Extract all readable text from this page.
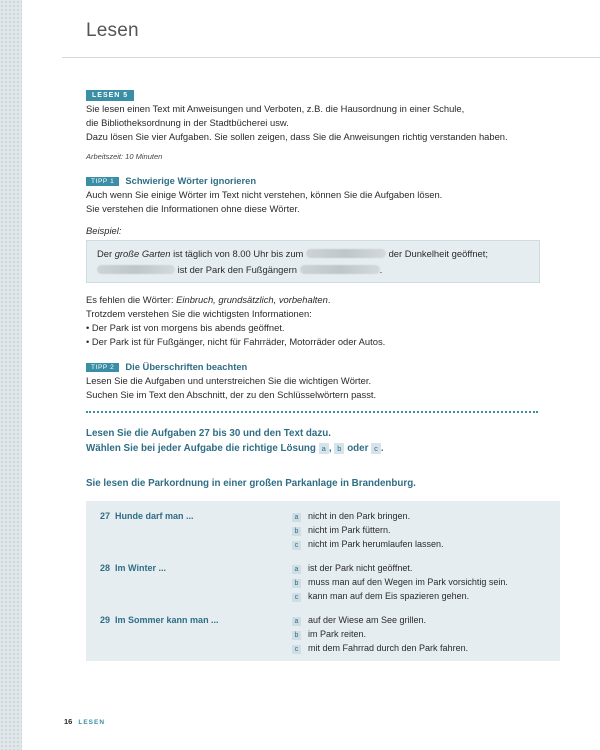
Lesen
LESEN 5
Sie lesen einen Text mit Anweisungen und Verboten, z.B. die Hausordnung in einer Schule,
die Bibliotheksordnung in der Stadtbücherei usw.
Dazu lösen Sie vier Aufgaben. Sie sollen zeigen, dass Sie die Anweisungen richtig verstanden haben.
Arbeitszeit: 10 Minuten
TIPP 1 Schwierige Wörter ignorieren
Auch wenn Sie einige Wörter im Text nicht verstehen, können Sie die Aufgaben lösen.
Sie verstehen die Informationen ohne diese Wörter.
Beispiel:
Der große Garten ist täglich von 8.00 Uhr bis zum	der Dunkelheit geöffnet;
ist der Park den Fußgängern	.
Es fehlen die Wörter: Einbruch, grundsätzlich, vorbehalten.
Trotzdem verstehen Sie die wichtigsten Informationen:
• Der Park ist von morgens bis abends geöffnet.
• Der Park ist für Fußgänger, nicht für Fahrräder, Motorräder oder Autos.
TIPP 2 Die Überschriften beachten
Lesen Sie die Aufgaben und unterstreichen Sie die wichtigen Wörter.
Suchen Sie im Text den Abschnitt, der zu den Schlüsselwörtern passt.
Lesen Sie die Aufgaben 27 bis 30 und den Text dazu.
Wählen Sie bei jeder Aufgabe die richtige Lösung a , b oder c .
Sie lesen die Parkordnung in einer großen Parkanlage in Brandenburg.
27 Hunde darf man ...	a nicht in den Park bringen.
b nicht im Park füttern.
c nicht im Park herumlaufen lassen.
28 Im Winter ...	a ist der Park nicht geöffnet.
b muss man auf den Wegen im Park vorsichtig sein.
c kann man auf dem Eis spazieren gehen.
29 Im Sommer kann man ...	a auf der Wiese am See grillen.
b im Park reiten.
c mit dem Fahrrad durch den Park fahren.
16 LESEN
